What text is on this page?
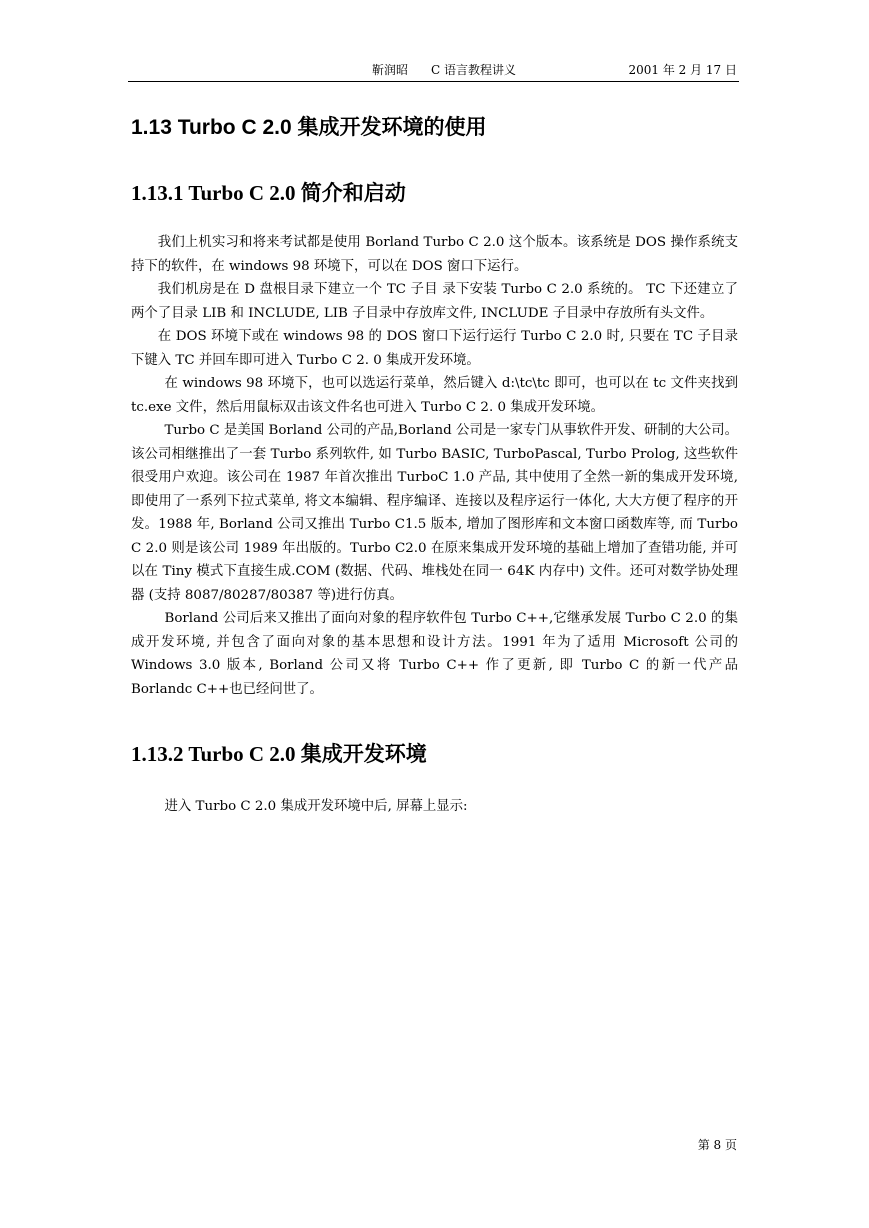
靳润昭 C 语言教程讲义	2001 年 2 月 17 日
1.13 Turbo C 2.0 集成开发环境的使用
1.13.1 Turbo C 2.0 简介和启动

我们上机实习和将来考试都是使用 Borland Turbo C 2.0 这个版本。该系统是 DOS 操作系统支持下的软件，在 windows 98 环境下，可以在 DOS 窗口下运行。

我们机房是在 D 盘根目录下建立一个 TC 子目 录下安装 Turbo C 2.0 系统的。 TC 下还建立了两个了目录 LIB 和 INCLUDE, LIB 子目录中存放库文件, INCLUDE 子目录中存放所有头文件。

在 DOS 环境下或在 windows 98 的 DOS 窗口下运行运行 Turbo C 2.0 时, 只要在 TC 子目录下键入 TC 并回车即可进入 Turbo C 2. 0 集成开发环境。

在 windows 98 环境下，也可以选运行菜单，然后键入 d:\tc\tc 即可，也可以在 tc 文件夹找到 tc.exe 文件，然后用鼠标双击该文件名也可进入 Turbo C 2. 0 集成开发环境。

Turbo C 是美国 Borland 公司的产品,Borland 公司是一家专门从事软件开发、研制的大公司。该公司相继推出了一套 Turbo 系列软件, 如 Turbo BASIC, TurboPascal, Turbo Prolog, 这些软件很受用户欢迎。该公司在 1987 年首次推出 TurboC 1.0 产品, 其中使用了全然一新的集成开发环境, 即使用了一系列下拉式菜单, 将文本编辑、程序编译、连接以及程序运行一体化, 大大方便了程序的开发。1988 年, Borland 公司又推出 Turbo C1.5 版本, 增加了图形库和文本窗口函数库等, 而 Turbo C 2.0 则是该公司 1989 年出版的。Turbo C2.0 在原来集成开发环境的基础上增加了查错功能, 并可以在 Tiny 模式下直接生成.COM (数据、代码、堆栈处在同一 64K 内存中) 文件。还可对数学协处理器 (支持 8087/80287/80387 等)进行仿真。

Borland 公司后来又推出了面向对象的程序软件包 Turbo C++,它继承发展 Turbo C 2.0 的集成开发环境, 并包含了面向对象的基本思想和设计方法。1991 年为了适用 Microsoft 公司的 Windows 3.0 版本, Borland 公司又将 Turbo C++ 作了更新, 即 Turbo C 的新一代产品 Borlandc C++也已经问世了。

1.13.2 Turbo C 2.0 集成开发环境

进入 Turbo C 2.0 集成开发环境中后, 屏幕上显示:

第 8 页
